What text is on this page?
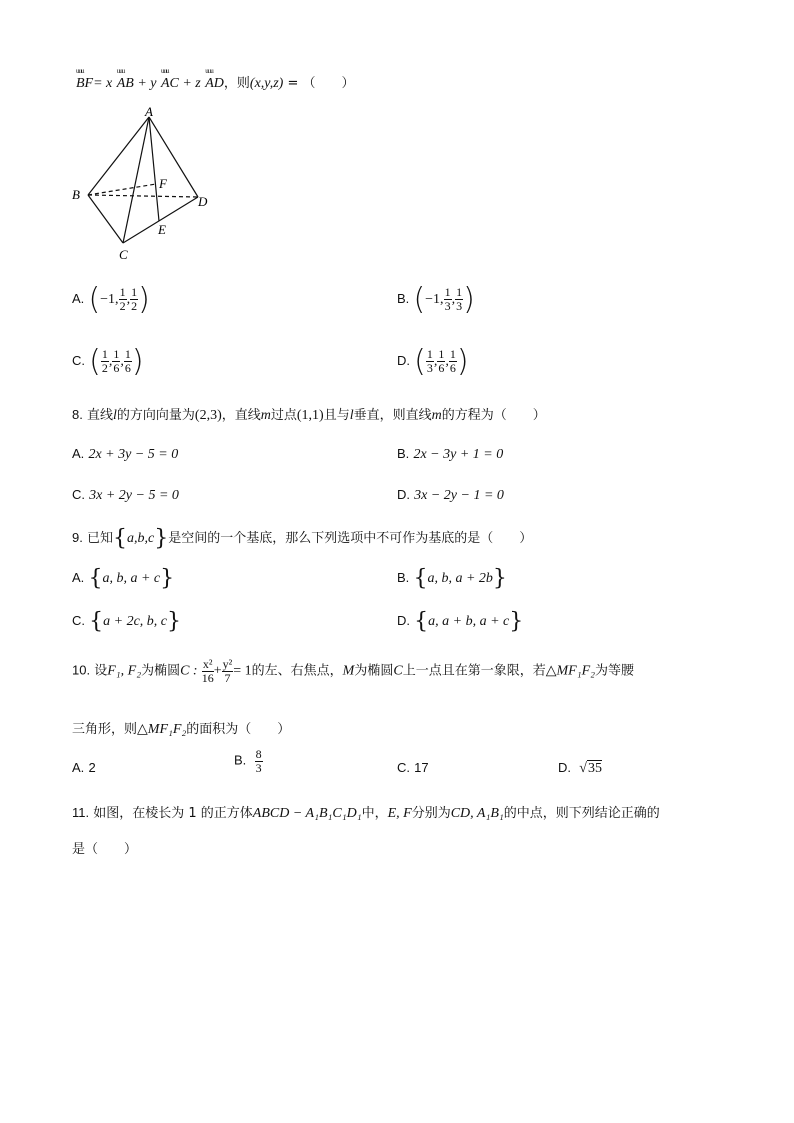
uuu BF= x uuu AB + y uuu AC + z uuu AD，则(x,y,z) = （　　）
A
B
C
D
E
F
A. (−1, $\frac{1}{2}$ , $\frac{1}{2}$ )	B. (−1, $\frac{1}{3}$ , $\frac{1}{3}$ )
C. ( $\frac{1}{2}$ , $\frac{1}{6}$ , $\frac{1}{6}$ )	D. ( $\frac{1}{3}$ , $\frac{1}{6}$ , $\frac{1}{6}$ )
8. 直线l的方向向量为(2,3)，直线m过点(1,1)且与l垂直，则直线m的方程为（　　）
A. 2x + 3y − 5 = 0	B. 2x − 3y + 1 = 0
C. 3x + 2y − 5 = 0	D. 3x − 2y − 1 = 0
9. 已知{a,b,c}是空间的一个基底，那么下列选项中不可作为基底的是（　　）
A. {a, b, a + c}	B. {a, b, a + 2b}
C. {a + 2c, b, c}	D. {a, a + b, a + c}
10. 设F₁, F₂为椭圆C : $\frac{\text{x²}}{16} + \frac{\text{y²}}{7} = 1$的左、右焦点，M为椭圆C上一点且在第一象限，若△MF₁F₂为等腰
三角形，则△MF₁F₂的面积为（　　）
A. 2	B. $\frac{8}{3}$	C. 17	D. √35
11. 如图，在棱长为 1 的正方体ABCD − A₁B₁C₁D₁中，E, F分别为CD, A₁B₁的中点，则下列结论正确的
是（　　）
